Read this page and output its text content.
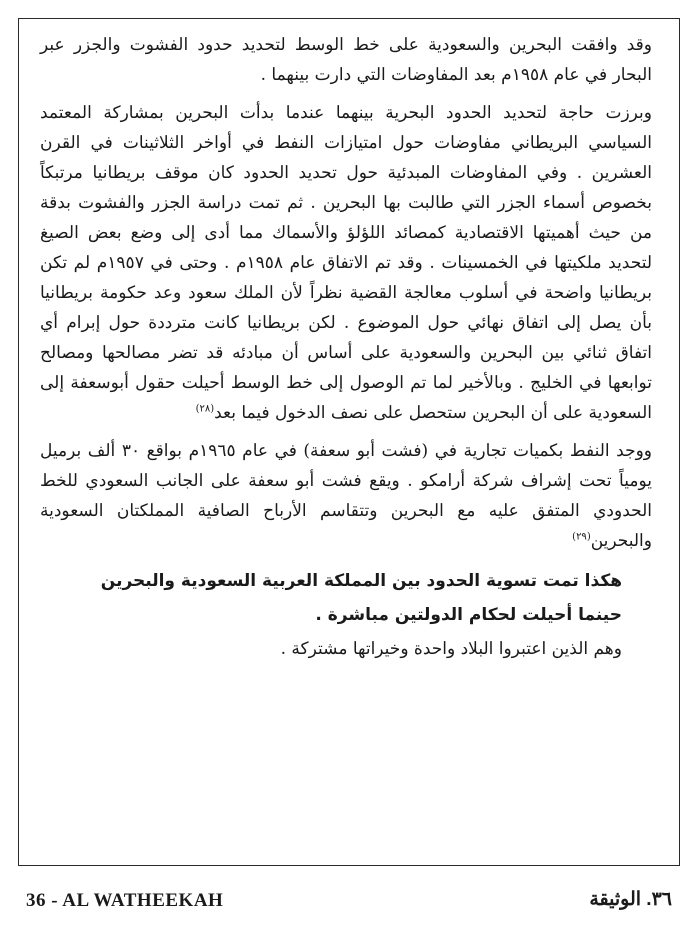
وقد وافقت البحرين والسعودية على خط الوسط لتحديد حدود الفشوت والجزر عبر البحار في عام ١٩٥٨م بعد المفاوضات التي دارت بينهما .

وبرزت حاجة لتحديد الحدود البحرية بينهما عندما بدأت البحرين بمشاركة المعتمد السياسي البريطاني مفاوضات حول امتيازات النفط في أواخر الثلاثينات في القرن العشرين . وفي المفاوضات المبدئية حول تحديد الحدود كان موقف بريطانيا مرتبكاً بخصوص أسماء الجزر التي طالبت بها البحرين . ثم تمت دراسة الجزر والفشوت بدقة من حيث أهميتها الاقتصادية كمصائد اللؤلؤ والأسماك مما أدى إلى وضع بعض الصيغ لتحديد ملكيتها في الخمسينات . وقد تم الاتفاق عام ١٩٥٨م . وحتى في ١٩٥٧م لم تكن بريطانيا واضحة في أسلوب معالجة القضية نظراً لأن الملك سعود وعد حكومة بريطانيا بأن يصل إلى اتفاق نهائي حول الموضوع . لكن بريطانيا كانت مترددة حول إبرام أي اتفاق ثنائي بين البحرين والسعودية على أساس أن مبادئه قد تضر مصالحها ومصالح توابعها في الخليج . وبالأخير لما تم الوصول إلى خط الوسط أحيلت حقول أبوسعفة إلى السعودية على أن البحرين ستحصل على نصف الدخول فيما بعد$^{(٢٨)}$

ووجد النفط بكميات تجارية في (فشت أبو سعفة) في عام ١٩٦٥م بواقع ٣٠ ألف برميل يومياً تحت إشراف شركة أرامكو . ويقع فشت أبو سعفة على الجانب السعودي للخط الحدودي المتفق عليه مع البحرين وتتقاسم الأرباح الصافية المملكتان السعودية والبحرين$^{(٢٩)}$

هكذا تمت تسوية الحدود بين المملكة العربية السعودية والبحرين

حينما أحيلت لحكام الدولتين مباشرة .

وهم الذين اعتبروا البلاد واحدة وخيراتها مشتركة .

36 - AL WATHEEKAH	٣٦. الوثيقة
